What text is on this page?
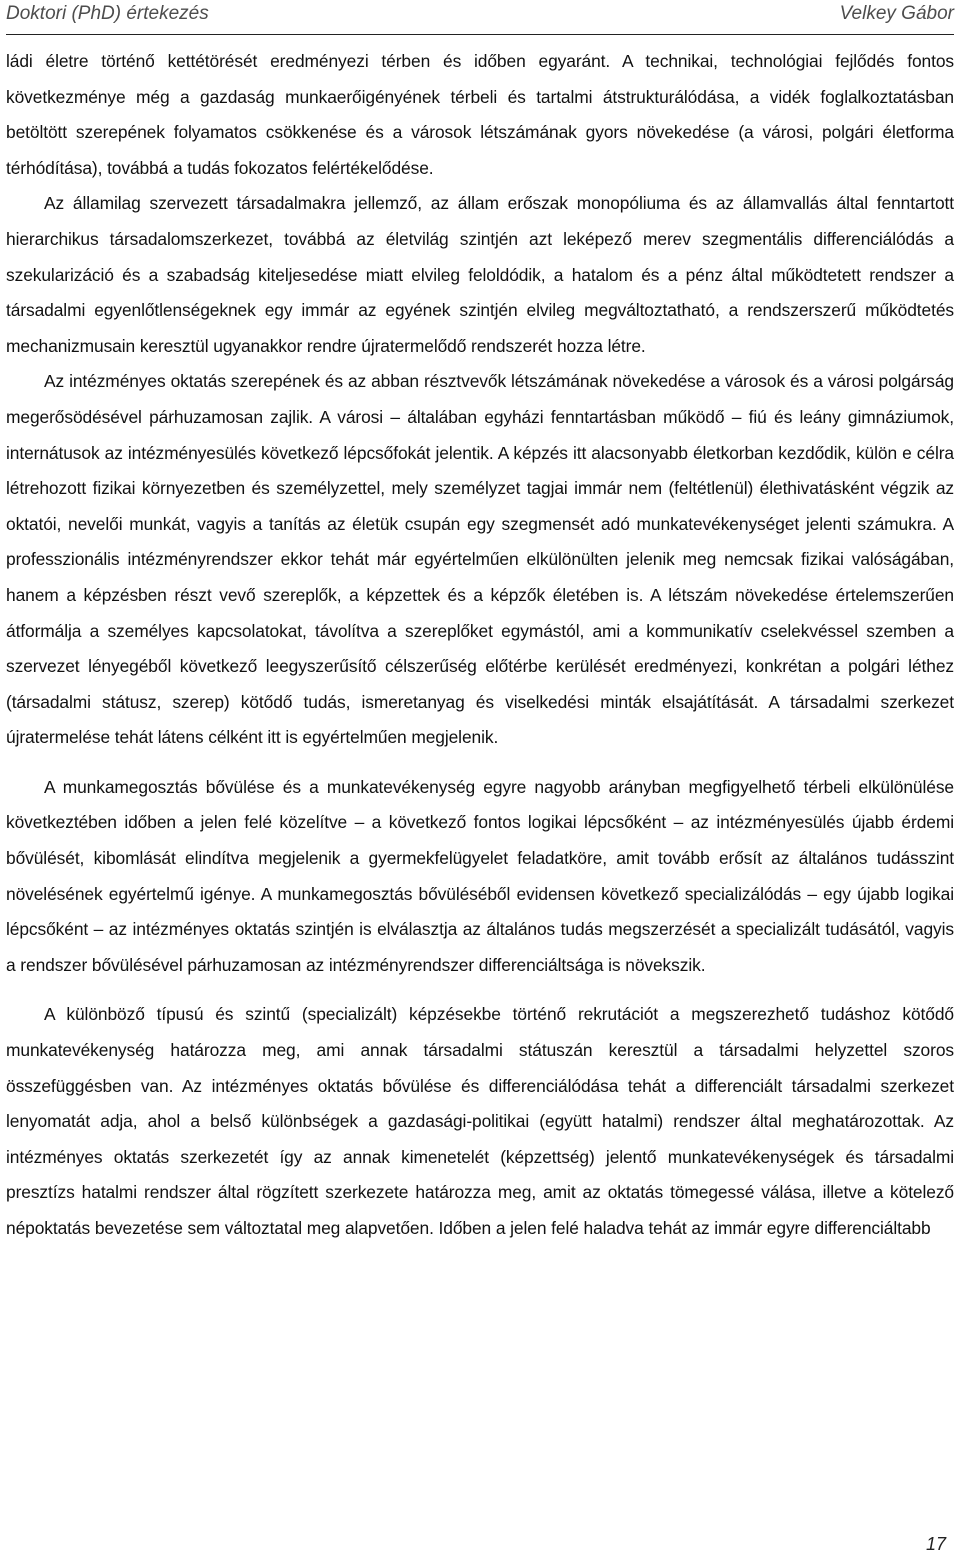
Doktori (PhD) értekezés	Velkey Gábor

ládi életre történő kettétörését eredményezi térben és időben egyaránt. A technikai, technológiai fejlődés fontos következménye még a gazdaság munkaerőigényének térbeli és tartalmi átstrukturálódása, a vidék foglalkoztatásban betöltött szerepének folyamatos csökkenése és a városok létszámának gyors növekedése (a városi, polgári életforma térhódítása), továbbá a tudás fokozatos felértékelődése.

Az államilag szervezett társadalmakra jellemző, az állam erőszak monopóliuma és az államvallás által fenntartott hierarchikus társadalomszerkezet, továbbá az életvilág szintjén azt leképező merev szegmentális differenciálódás a szekularizáció és a szabadság kiteljesedése miatt elvileg feloldódik, a hatalom és a pénz által működtetett rendszer a társadalmi egyenlőtlenségeknek egy immár az egyének szintjén elvileg megváltoztatható, a rendszerszerű működtetés mechanizmusain keresztül ugyanakkor rendre újratermelődő rendszerét hozza létre.

Az intézményes oktatás szerepének és az abban résztvevők létszámának növekedése a városok és a városi polgárság megerősödésével párhuzamosan zajlik. A városi – általában egyházi fenntartásban működő – fiú és leány gimnáziumok, internátusok az intézményesülés következő lépcsőfokát jelentik. A képzés itt alacsonyabb életkorban kezdődik, külön e célra létrehozott fizikai környezetben és személyzettel, mely személyzet tagjai immár nem (feltétlenül) élethivatásként végzik az oktatói, nevelői munkát, vagyis a tanítás az életük csupán egy szegmensét adó munkatevékenységet jelenti számukra. A professzionális intézményrendszer ekkor tehát már egyértelműen elkülönülten jelenik meg nemcsak fizikai valóságában, hanem a képzésben részt vevő szereplők, a képzettek és a képzők életében is. A létszám növekedése értelemszerűen átformálja a személyes kapcsolatokat, távolítva a szereplőket egymástól, ami a kommunikatív cselekvéssel szemben a szervezet lényegéből következő leegyszerűsítő célszerűség előtérbe kerülését eredményezi, konkrétan a polgári léthez (társadalmi státusz, szerep) kötődő tudás, ismeretanyag és viselkedési minták elsajátítását. A társadalmi szerkezet újratermelése tehát látens célként itt is egyértelműen megjelenik.

A munkamegosztás bővülése és a munkatevékenység egyre nagyobb arányban megfigyelhető térbeli elkülönülése következtében időben a jelen felé közelítve – a következő fontos logikai lépcsőként – az intézményesülés újabb érdemi bővülését, kibomlását elindítva megjelenik a gyermekfelügyelet feladatköre, amit tovább erősít az általános tudásszint növelésének egyértelmű igénye. A munkamegosztás bővüléséből evidensen következő specializálódás – egy újabb logikai lépcsőként – az intézményes oktatás szintjén is elválasztja az általános tudás megszerzését a specializált tudásától, vagyis a rendszer bővülésével párhuzamosan az intézményrendszer differenciáltsága is növekszik.

A különböző típusú és szintű (specializált) képzésekbe történő rekrutációt a megszerezhető tudáshoz kötődő munkatevékenység határozza meg, ami annak társadalmi státuszán keresztül a társadalmi helyzettel szoros összefüggésben van. Az intézményes oktatás bővülése és differenciálódása tehát a differenciált társadalmi szerkezet lenyomatát adja, ahol a belső különbségek a gazdasági-politikai (együtt hatalmi) rendszer által meghatározottak. Az intézményes oktatás szerkezetét így az annak kimenetelét (képzettség) jelentő munkatevékenységek és társadalmi presztízs hatalmi rendszer által rögzített szerkezete határozza meg, amit az oktatás tömegessé válása, illetve a kötelező népoktatás bevezetése sem változtatal meg alapvetően. Időben a jelen felé haladva tehát az immár egyre differenciáltabb

17
